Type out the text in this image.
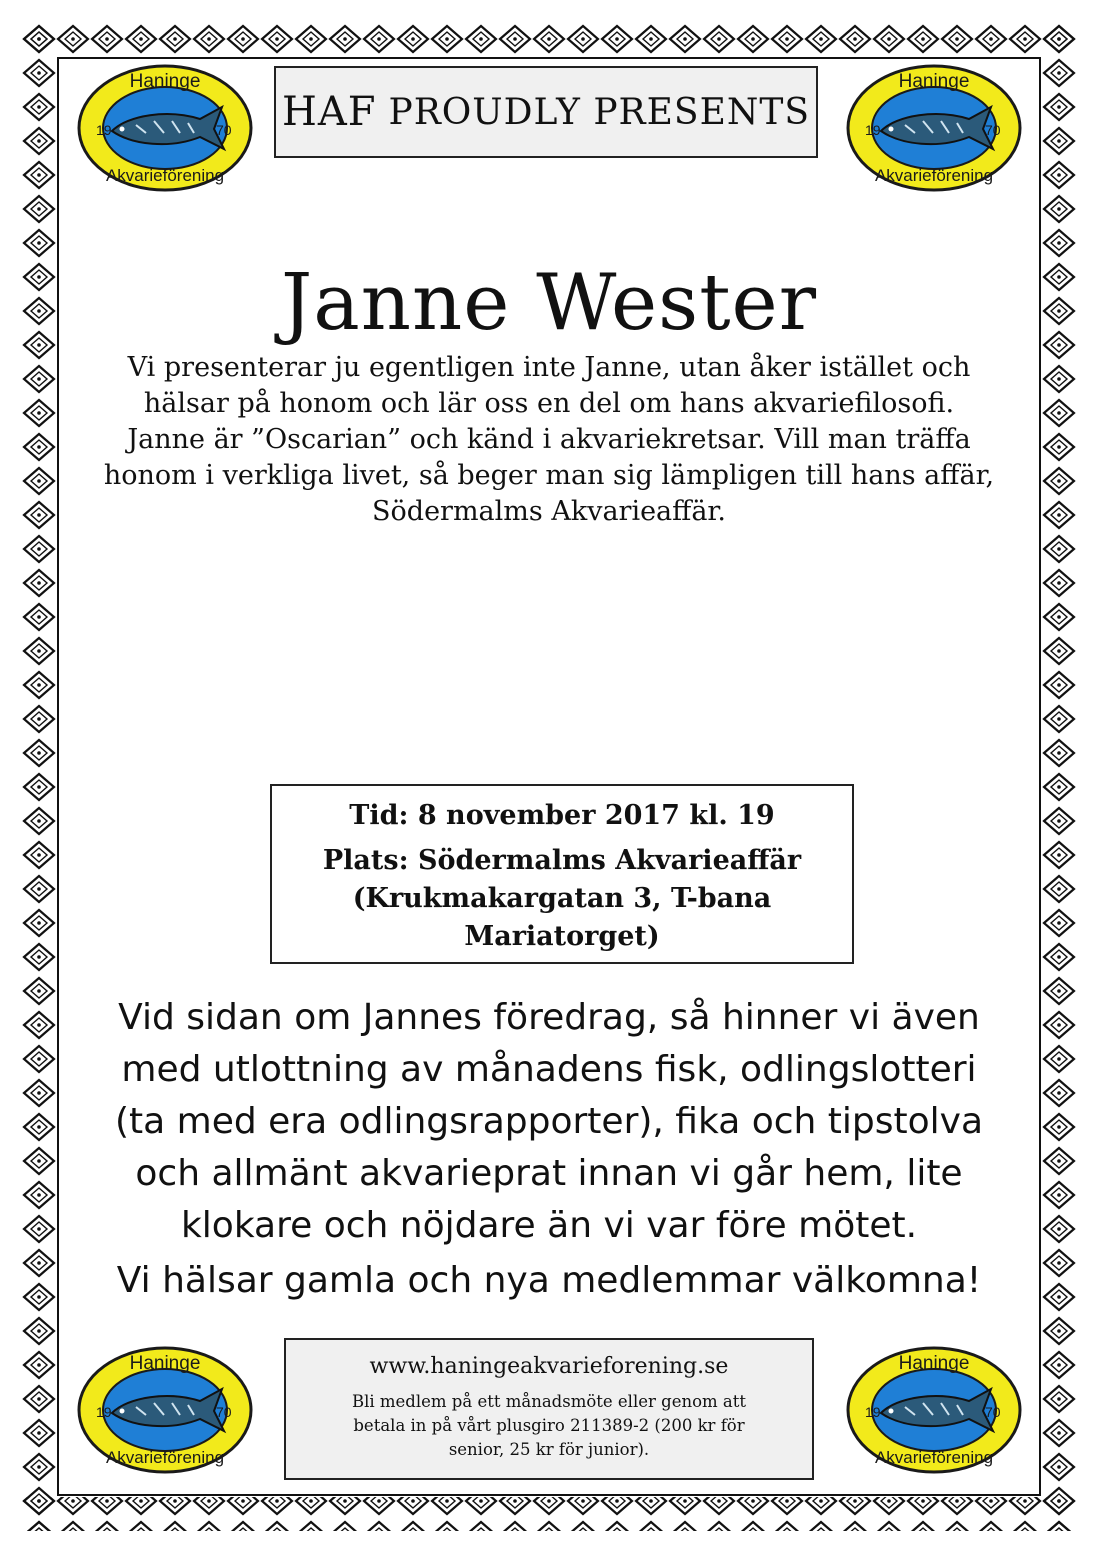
Haninge
19	70
Akvarieförening
Haninge
19	70
Akvarieförening
Haninge
19	70
Akvarieförening
Haninge
19	70
Akvarieförening
HAF PROUDLY PRESENTS
Janne Wester
Vi presenterar ju egentligen inte Janne, utan åker istället och
hälsar på honom och lär oss en del om hans akvariefilosofi.
Janne är ”Oscarian” och känd i akvariekretsar. Vill man träffa
honom i verkliga livet, så beger man sig lämpligen till hans affär,
Södermalms Akvarieaffär.
Tid: 8 november 2017 kl. 19
Plats: Södermalms Akvarieaffär
(Krukmakargatan 3, T-bana
Mariatorget)
Vid sidan om Jannes föredrag, så hinner vi även
med utlottning av månadens fisk, odlingslotteri
(ta med era odlingsrapporter), fika och tipstolva
och allmänt akvarieprat innan vi går hem, lite
klokare och nöjdare än vi var före mötet.
Vi hälsar gamla och nya medlemmar välkomna!
www.haningeakvarieforening.se
Bli medlem på ett månadsmöte eller genom att
betala in på vårt plusgiro 211389-2 (200 kr för
senior, 25 kr för junior).
